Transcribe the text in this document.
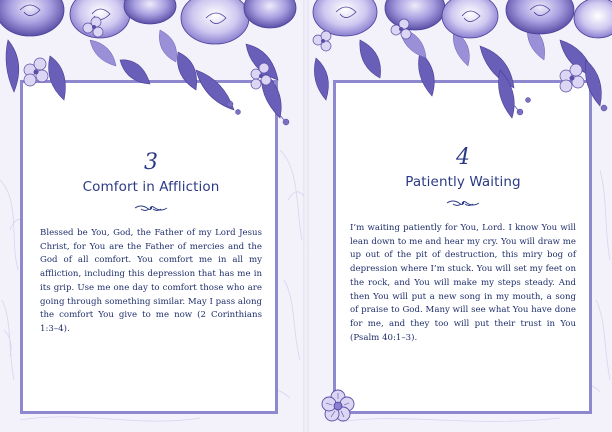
3
Comfort in Affliction

Blessed be You, God, the Father of my Lord Jesus Christ, for You are the Father of mercies and the God of all comfort. You comfort me in all my affliction, including this depression that has me in its grip. Use me one day to comfort those who are going through something similar. May I pass along the comfort You give to me now (2 Corinthians 1:3–4).

4
Patiently Waiting

I’m waiting patiently for You, Lord. I know You will lean down to me and hear my cry. You will draw me up out of the pit of destruction, this miry bog of depression where I’m stuck. You will set my feet on the rock, and You will make my steps steady. And then You will put a new song in my mouth, a song of praise to God. Many will see what You have done for me, and they too will put their trust in You (Psalm 40:1–3).
